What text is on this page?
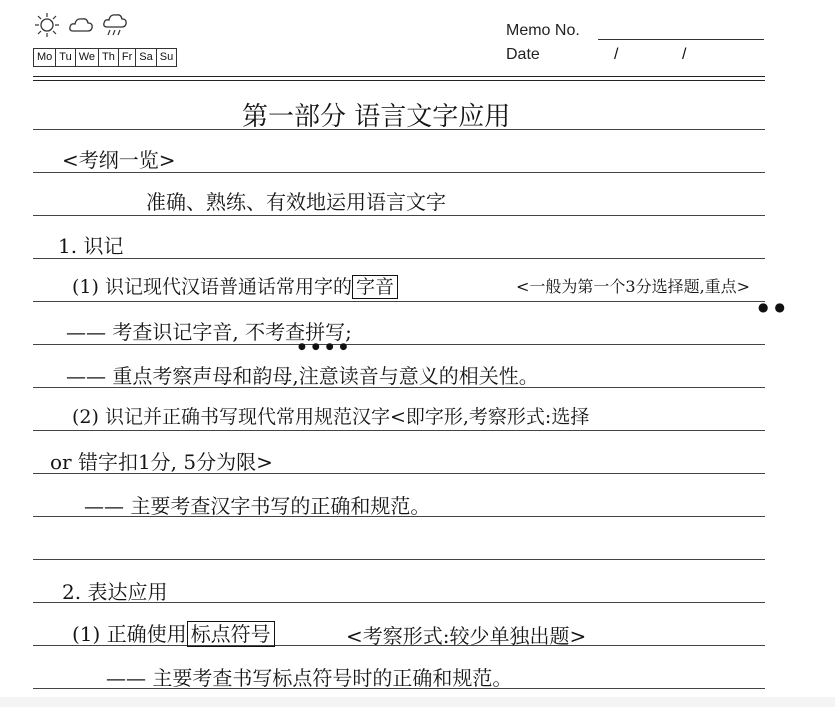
Mo Tu We Th Fr Sa Su
Memo No.
Date	/	/
第一部分 语言文字应用
<考纲一览>
准确、熟练、有效地运用语言文字
1. 识记
(1) 识记现代汉语普通话常用字的 字音	<一般为第一个3分选择题,重点>
●●
—— 考查识记字音, 不考查拼写;
●●●●
—— 重点考察声母和韵母,注意读音与意义的相关性。
(2) 识记并正确书写现代常用规范汉字<即字形,考察形式:选择
or 错字扣1分, 5分为限>
—— 主要考查汉字书写的正确和规范。
2. 表达应用
(1) 正确使用 标点符号	<考察形式:较少单独出题>
—— 主要考查书写标点符号时的正确和规范。
